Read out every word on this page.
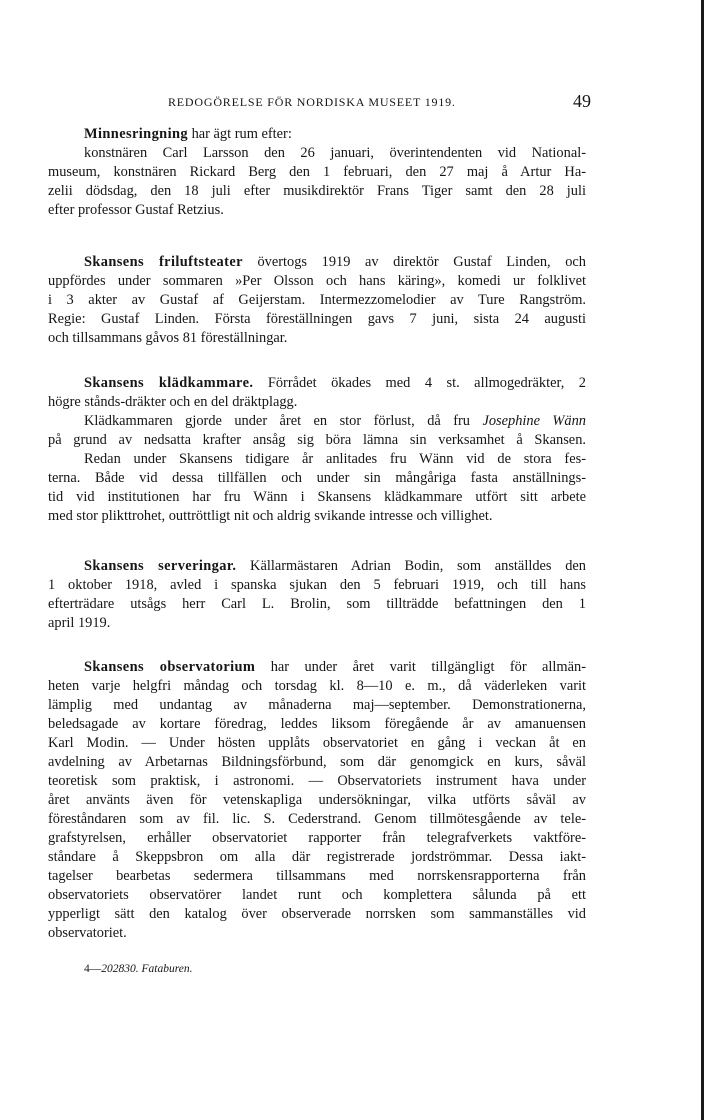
REDOGÖRELSE FÖR NORDISKA MUSEET 1919.	49
Minnesringning har ägt rum efter:
konstnären Carl Larsson den 26 januari, överintendenten vid National-
museum, konstnären Rickard Berg den 1 februari, den 27 maj å Artur Ha-
zelii dödsdag, den 18 juli efter musikdirektör Frans Tiger samt den 28 juli
efter professor Gustaf Retzius.
Skansens friluftsteater övertogs 1919 av direktör Gustaf Linden, och
uppfördes under sommaren »Per Olsson och hans käring», komedi ur folklivet
i 3 akter av Gustaf af Geijerstam. Intermezzomelodier av Ture Rangström.
Regie: Gustaf Linden. Första föreställningen gavs 7 juni, sista 24 augusti
och tillsammans gåvos 81 föreställningar.
Skansens klädkammare. Förrådet ökades med 4 st. allmogedräkter, 2
högre stånds-dräkter och en del dräktplagg.
Klädkammaren gjorde under året en stor förlust, då fru Josephine Wänn
på grund av nedsatta krafter ansåg sig böra lämna sin verksamhet å Skansen.
Redan under Skansens tidigare år anlitades fru Wänn vid de stora fes-
terna. Både vid dessa tillfällen och under sin mångåriga fasta anställnings-
tid vid institutionen har fru Wänn i Skansens klädkammare utfört sitt arbete
med stor plikttrohet, outtröttligt nit och aldrig svikande intresse och villighet.
Skansens serveringar. Källarmästaren Adrian Bodin, som anställdes den
1 oktober 1918, avled i spanska sjukan den 5 februari 1919, och till hans
efterträdare utsågs herr Carl L. Brolin, som tillträdde befattningen den 1
april 1919.
Skansens observatorium har under året varit tillgängligt för allmän-
heten varje helgfri måndag och torsdag kl. 8—10 e. m., då väderleken varit
lämplig med undantag av månaderna maj—september. Demonstrationerna,
beledsagade av kortare föredrag, leddes liksom föregående år av amanuensen
Karl Modin. — Under hösten upplåts observatoriet en gång i veckan åt en
avdelning av Arbetarnas Bildningsförbund, som där genomgick en kurs, såväl
teoretisk som praktisk, i astronomi. — Observatoriets instrument hava under
året använts även för vetenskapliga undersökningar, vilka utförts såväl av
föreståndaren som av fil. lic. S. Cederstrand. Genom tillmötesgående av tele-
grafstyrelsen, erhåller observatoriet rapporter från telegrafverkets vaktföre-
ståndare å Skeppsbron om alla där registrerade jordströmmar. Dessa iakt-
tagelser bearbetas sedermera tillsammans med norrskensrapporterna från
observatoriets observatörer landet runt och komplettera sålunda på ett
ypperligt sätt den katalog över observerade norrsken som sammanställes vid
observatoriet.
4—202830. Fataburen.
